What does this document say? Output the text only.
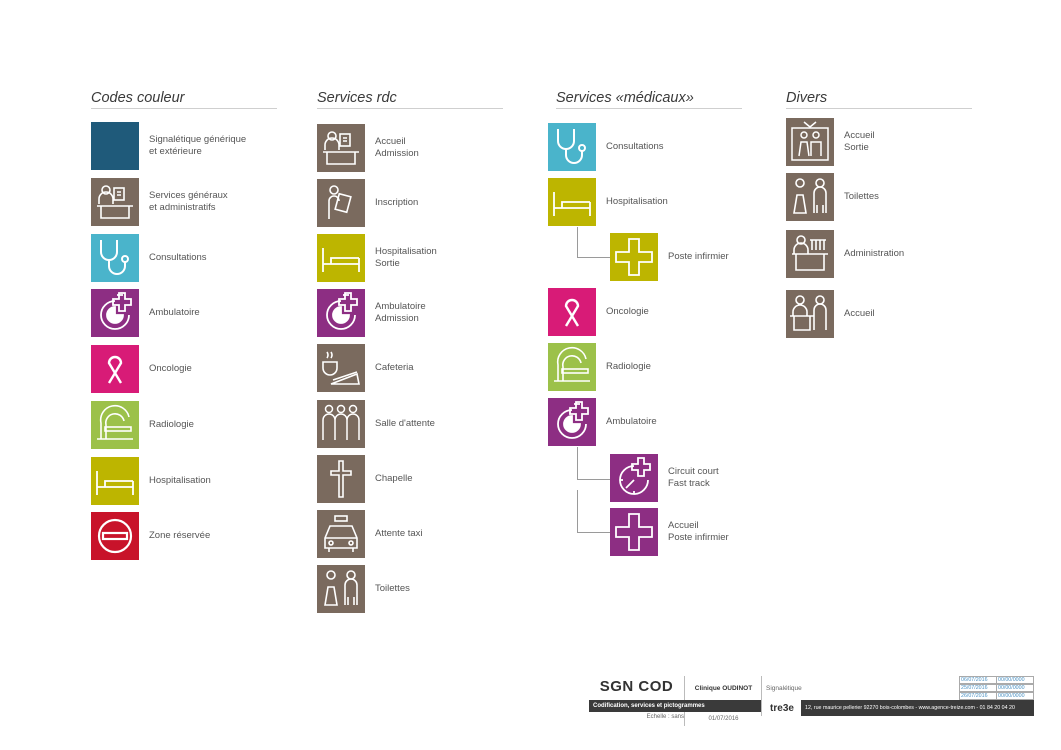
Codes couleur
Signalétique générique
et extérieure
Services généraux
et administratifs
Consultations
Ambulatoire
Oncologie
Radiologie
Hospitalisation
Zone réservée
Services rdc
Accueil
Admission
Inscription
Hospitalisation
Sortie
Ambulatoire
Admission
Cafeteria
Salle d'attente
Chapelle
Attente taxi
Toilettes
Services «médicaux»
Consultations
Hospitalisation
Poste infirmier
Oncologie
Radiologie
Ambulatoire
Circuit court
Fast track
Accueil
Poste infirmier
Divers
Accueil
Sortie
Toilettes
Administration
Accueil
SGN COD	Clinique OUDINOT	Signalétique
06/07/2016	00/00/0000
25/07/2016	00/00/0000
26/07/2016	00/00/0000
Codification, services et pictogrammes	tre3e	12, rue maurice pellerier 92270 bois-colombes - www.agence-treize.com - 01 84 20 04 20
Echelle : sans	01/07/2016
